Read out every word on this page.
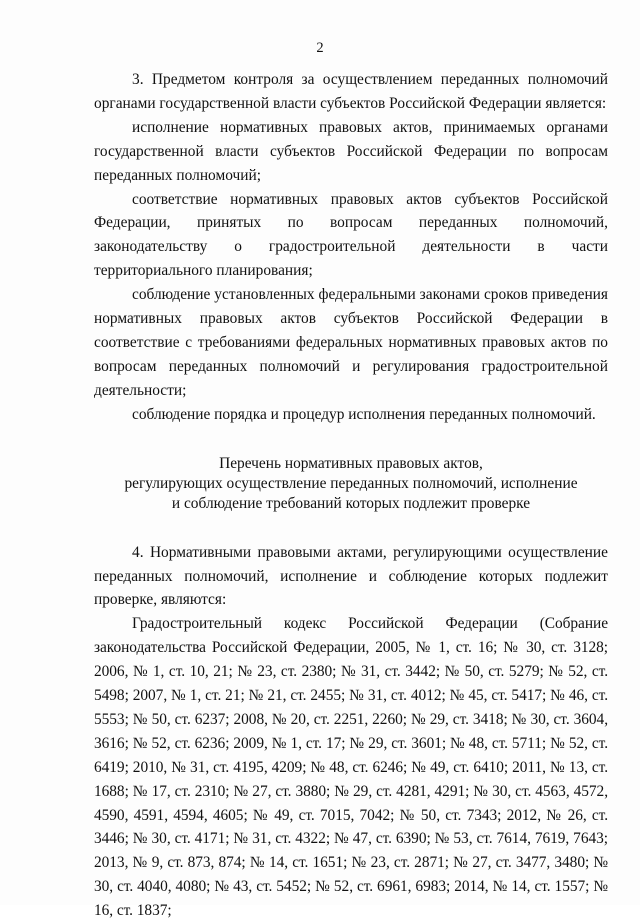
2

3. Предметом контроля за осуществлением переданных полномочий органами государственной власти субъектов Российской Федерации является:

исполнение нормативных правовых актов, принимаемых органами государственной власти субъектов Российской Федерации по вопросам переданных полномочий;

соответствие нормативных правовых актов субъектов Российской Федерации, принятых по вопросам переданных полномочий, законодательству о градостроительной деятельности в части территориального планирования;

соблюдение установленных федеральными законами сроков приведения нормативных правовых актов субъектов Российской Федерации в соответствие с требованиями федеральных нормативных правовых актов по вопросам переданных полномочий и регулирования градостроительной деятельности;

соблюдение порядка и процедур исполнения переданных полномочий.

Перечень нормативных правовых актов,
регулирующих осуществление переданных полномочий, исполнение
и соблюдение требований которых подлежит проверке

4. Нормативными правовыми актами, регулирующими осуществление переданных полномочий, исполнение и соблюдение которых подлежит проверке, являются:

Градостроительный кодекс Российской Федерации (Собрание законодательства Российской Федерации, 2005, № 1, ст. 16; № 30, ст. 3128; 2006, № 1, ст. 10, 21; № 23, ст. 2380; № 31, ст. 3442; № 50, ст. 5279; № 52, ст. 5498; 2007, № 1, ст. 21; № 21, ст. 2455; № 31, ст. 4012; № 45, ст. 5417; № 46, ст. 5553; № 50, ст. 6237; 2008, № 20, ст. 2251, 2260; № 29, ст. 3418; № 30, ст. 3604, 3616; № 52, ст. 6236; 2009, № 1, ст. 17; № 29, ст. 3601; № 48, ст. 5711; № 52, ст. 6419; 2010, № 31, ст. 4195, 4209; № 48, ст. 6246; № 49, ст. 6410; 2011, № 13, ст. 1688; № 17, ст. 2310; № 27, ст. 3880; № 29, ст. 4281, 4291; № 30, ст. 4563, 4572, 4590, 4591, 4594, 4605; № 49, ст. 7015, 7042; № 50, ст. 7343; 2012, № 26, ст. 3446; № 30, ст. 4171; № 31, ст. 4322; № 47, ст. 6390; № 53, ст. 7614, 7619, 7643; 2013, № 9, ст. 873, 874; № 14, ст. 1651; № 23, ст. 2871; № 27, ст. 3477, 3480; № 30, ст. 4040, 4080; № 43, ст. 5452; № 52, ст. 6961, 6983; 2014, № 14, ст. 1557; № 16, ст. 1837;
